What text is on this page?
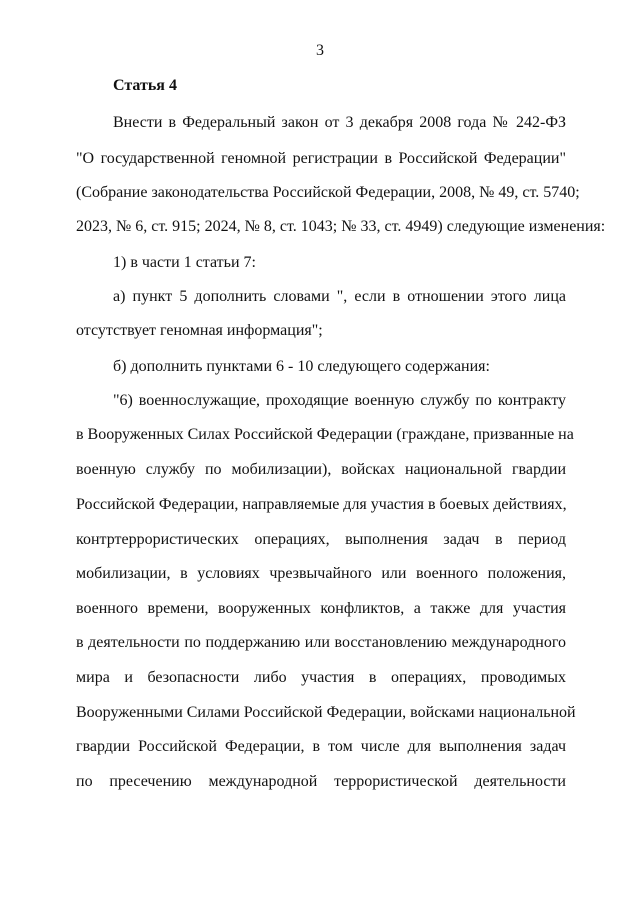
3
Статья 4
Внести в Федеральный закон от 3 декабря 2008 года № 242-ФЗ
"О государственной геномной регистрации в Российской Федерации"
(Собрание законодательства Российской Федерации, 2008, № 49, ст. 5740;
2023, № 6, ст. 915; 2024, № 8, ст. 1043; № 33, ст. 4949) следующие изменения:
1) в части 1 статьи 7:
а) пункт 5 дополнить словами ", если в отношении этого лица
отсутствует геномная информация";
б) дополнить пунктами 6 - 10 следующего содержания:
"6) военнослужащие, проходящие военную службу по контракту
в Вооруженных Силах Российской Федерации (граждане, призванные на
военную службу по мобилизации), войсках национальной гвардии
Российской Федерации, направляемые для участия в боевых действиях,
контртеррористических операциях, выполнения задач в период
мобилизации, в условиях чрезвычайного или военного положения,
военного времени, вооруженных конфликтов, а также для участия
в деятельности по поддержанию или восстановлению международного
мира и безопасности либо участия в операциях, проводимых
Вооруженными Силами Российской Федерации, войсками национальной
гвардии Российской Федерации, в том числе для выполнения задач
по пресечению международной террористической деятельности
